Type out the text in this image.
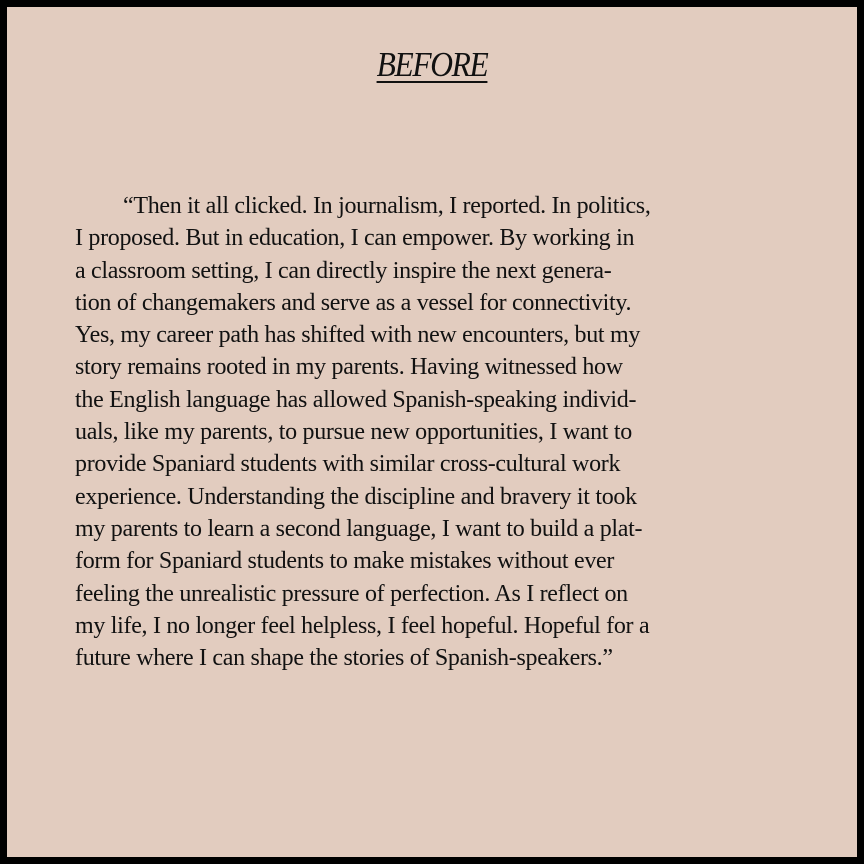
BEFORE
“Then it all clicked. In journalism, I reported. In politics,
I proposed. But in education, I can empower. By working in
a classroom setting, I can directly inspire the next genera-
tion of changemakers and serve as a vessel for connectivity.
Yes, my career path has shifted with new encounters, but my
story remains rooted in my parents. Having witnessed how
the English language has allowed Spanish-speaking individ-
uals, like my parents, to pursue new opportunities, I want to
provide Spaniard students with similar cross-cultural work
experience. Understanding the discipline and bravery it took
my parents to learn a second language, I want to build a plat-
form for Spaniard students to make mistakes without ever
feeling the unrealistic pressure of perfection. As I reflect on
my life, I no longer feel helpless, I feel hopeful. Hopeful for a
future where I can shape the stories of Spanish-speakers.”
